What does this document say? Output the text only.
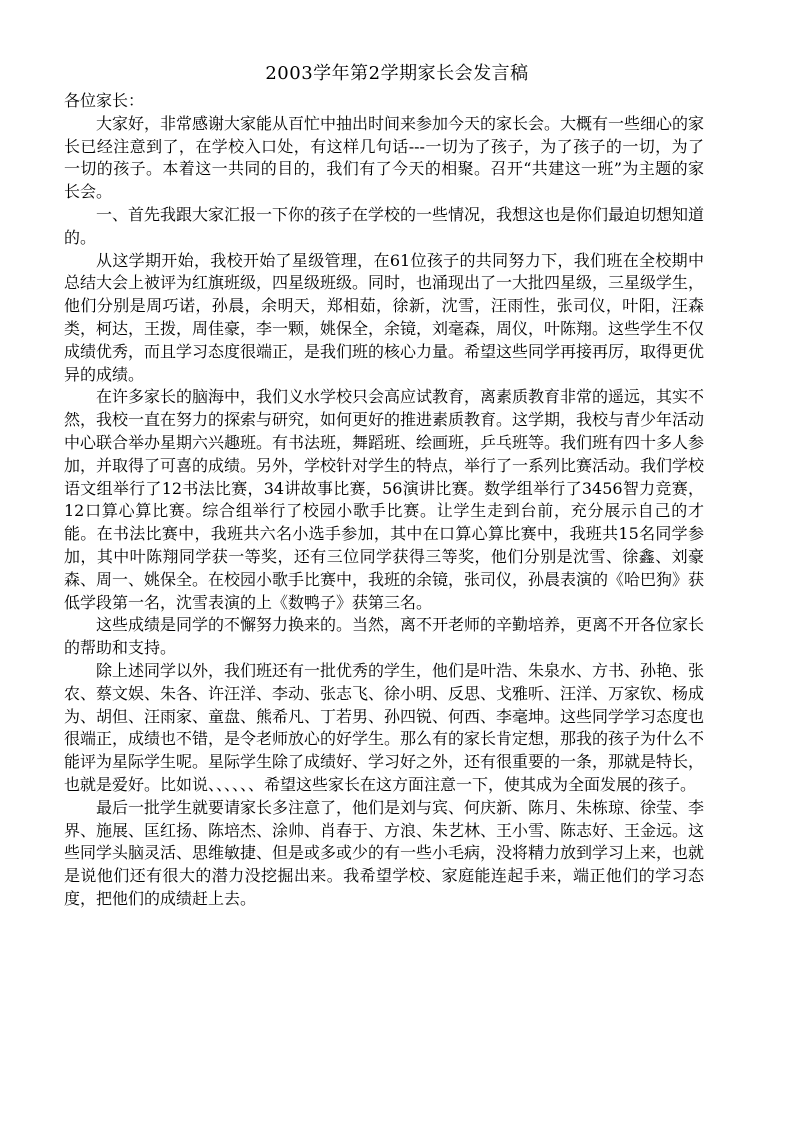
2003学年第2学期家长会发言稿

各位家长：

大家好，非常感谢大家能从百忙中抽出时间来参加今天的家长会。大概有一些细心的家长已经注意到了，在学校入口处，有这样几句话---一切为了孩子，为了孩子的一切，为了一切的孩子。本着这一共同的目的，我们有了今天的相聚。召开“共建这一班”为主题的家长会。

一、首先我跟大家汇报一下你的孩子在学校的一些情况，我想这也是你们最迫切想知道的。

从这学期开始，我校开始了星级管理，在61位孩子的共同努力下，我们班在全校期中总结大会上被评为红旗班级，四星级班级。同时，也涌现出了一大批四星级，三星级学生，他们分别是周巧诺，孙晨，余明天，郑相茹，徐新，沈雪，汪雨性，张司仪，叶阳，汪森类，柯达，王拨，周佳豪，李一颗，姚保全，余镜，刘毫森，周仪，叶陈翔。这些学生不仅成绩优秀，而且学习态度很端正，是我们班的核心力量。希望这些同学再接再厉，取得更优异的成绩。

在许多家长的脑海中，我们义水学校只会高应试教育，离素质教育非常的遥远，其实不然，我校一直在努力的探索与研究，如何更好的推进素质教育。这学期，我校与青少年活动中心联合举办星期六兴趣班。有书法班，舞蹈班、绘画班，乒乓班等。我们班有四十多人参加，并取得了可喜的成绩。另外，学校针对学生的特点，举行了一系列比赛活动。我们学校语文组举行了12书法比赛，34讲故事比赛，56演讲比赛。数学组举行了3456智力竞赛，12口算心算比赛。综合组举行了校园小歌手比赛。让学生走到台前，充分展示自己的才能。在书法比赛中，我班共六名小选手参加，其中在口算心算比赛中，我班共15名同学参加，其中叶陈翔同学获一等奖，还有三位同学获得三等奖，他们分别是沈雪、徐鑫、刘豪森、周一、姚保全。在校园小歌手比赛中，我班的余镜，张司仪，孙晨表演的《哈巴狗》获低学段第一名，沈雪表演的上《数鸭子》获第三名。

这些成绩是同学的不懈努力换来的。当然，离不开老师的辛勤培养，更离不开各位家长的帮助和支持。

除上述同学以外，我们班还有一批优秀的学生，他们是叶浩、朱泉水、方书、孙艳、张农、蔡文娱、朱各、许汪洋、李动、张志飞、徐小明、反思、戈雅听、汪洋、万家钦、杨成为、胡但、汪雨家、童盘、熊希凡、丁若男、孙四锐、何西、李毫坤。这些同学学习态度也很端正，成绩也不错，是令老师放心的好学生。那么有的家长肯定想，那我的孩子为什么不能评为星际学生呢。星际学生除了成绩好、学习好之外，还有很重要的一条，那就是特长，也就是爱好。比如说、、、、、、希望这些家长在这方面注意一下，使其成为全面发展的孩子。

最后一批学生就要请家长多注意了，他们是刘与宾、何庆新、陈月、朱栋琼、徐莹、李界、施展、匡红扬、陈培杰、涂帅、肖春于、方浪、朱艺林、王小雪、陈志好、王金远。这些同学头脑灵活、思维敏捷、但是或多或少的有一些小毛病，没将精力放到学习上来，也就是说他们还有很大的潜力没挖掘出来。我希望学校、家庭能连起手来，端正他们的学习态度，把他们的成绩赶上去。
